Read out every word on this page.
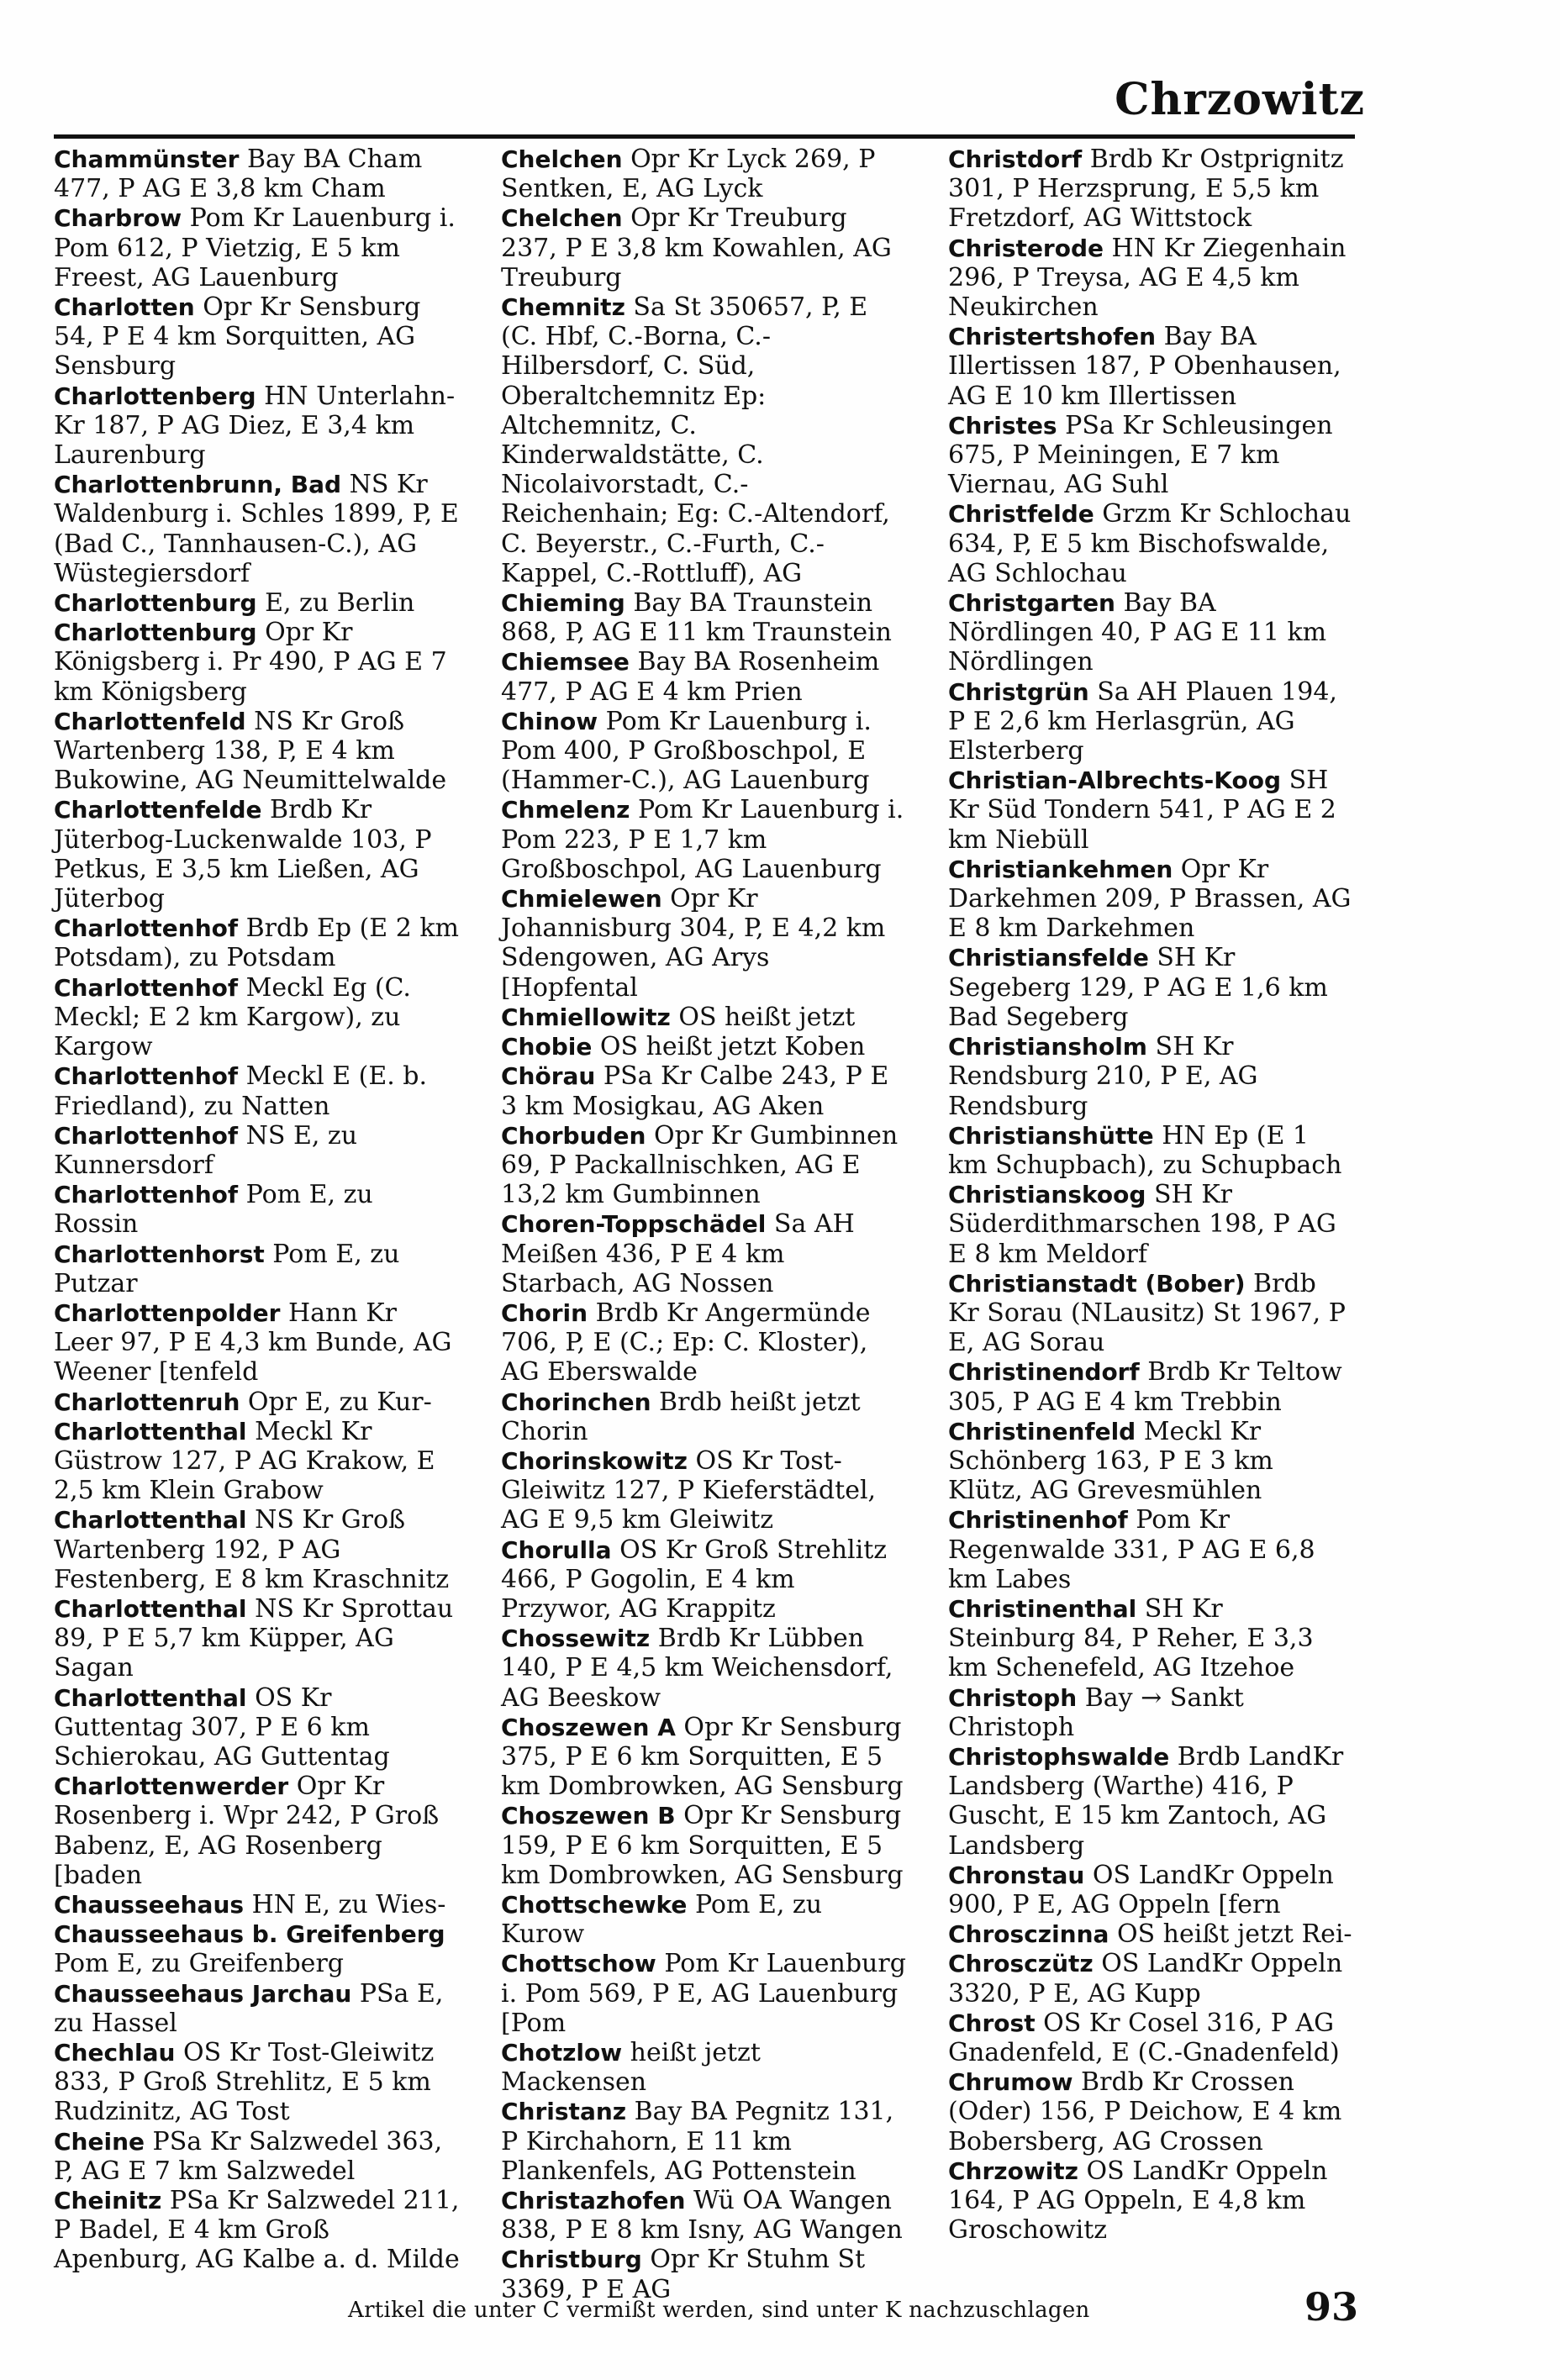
Chrzowitz

Chammünster Bay BA Cham 477, P AG E 3,8 km Cham

Charbrow Pom Kr Lauenburg i. Pom 612, P Vietzig, E 5 km Freest, AG Lauenburg

Charlotten Opr Kr Sensburg 54, P E 4 km Sorquitten, AG Sensburg

Charlottenberg HN Unterlahn-Kr 187, P AG Diez, E 3,4 km Laurenburg

Charlottenbrunn, Bad NS Kr Waldenburg i. Schles 1899, P, E (Bad C., Tannhausen-C.), AG Wüstegiersdorf

Charlottenburg E, zu Berlin

Charlottenburg Opr Kr Königsberg i. Pr 490, P AG E 7 km Königsberg

Charlottenfeld NS Kr Groß Wartenberg 138, P, E 4 km Bukowine, AG Neumittelwalde

Charlottenfelde Brdb Kr Jüterbog-Luckenwalde 103, P Petkus, E 3,5 km Ließen, AG Jüterbog

Charlottenhof Brdb Ep (E 2 km Potsdam), zu Potsdam

Charlottenhof Meckl Eg (C. Meckl; E 2 km Kargow), zu Kargow

Charlottenhof Meckl E (E. b. Friedland), zu Natten

Charlottenhof NS E, zu Kunnersdorf

Charlottenhof Pom E, zu Rossin

Charlottenhorst Pom E, zu Putzar

Charlottenpolder Hann Kr Leer 97, P E 4,3 km Bunde, AG Weener [tenfeld

Charlottenruh Opr E, zu Kur-

Charlottenthal Meckl Kr Güstrow 127, P AG Krakow, E 2,5 km Klein Grabow

Charlottenthal NS Kr Groß Wartenberg 192, P AG Festenberg, E 8 km Kraschnitz

Charlottenthal NS Kr Sprottau 89, P E 5,7 km Küpper, AG Sagan

Charlottenthal OS Kr Guttentag 307, P E 6 km Schierokau, AG Guttentag

Charlottenwerder Opr Kr Rosenberg i. Wpr 242, P Groß Babenz, E, AG Rosenberg [baden

Chausseehaus HN E, zu Wies-

Chausseehaus b. Greifenberg Pom E, zu Greifenberg

Chausseehaus Jarchau PSa E, zu Hassel

Chechlau OS Kr Tost-Gleiwitz 833, P Groß Strehlitz, E 5 km Rudzinitz, AG Tost

Cheine PSa Kr Salzwedel 363, P, AG E 7 km Salzwedel

Cheinitz PSa Kr Salzwedel 211, P Badel, E 4 km Groß Apenburg, AG Kalbe a. d. Milde

Chelchen Opr Kr Lyck 269, P Sentken, E, AG Lyck

Chelchen Opr Kr Treuburg 237, P E 3,8 km Kowahlen, AG Treuburg

Chemnitz Sa St 350657, P, E (C. Hbf, C.-Borna, C.-Hilbersdorf, C. Süd, Oberaltchemnitz Ep: Altchemnitz, C. Kinderwaldstätte, C. Nicolaivorstadt, C.-Reichenhain; Eg: C.-Altendorf, C. Beyerstr., C.-Furth, C.-Kappel, C.-Rottluff), AG

Chieming Bay BA Traunstein 868, P, AG E 11 km Traunstein

Chiemsee Bay BA Rosenheim 477, P AG E 4 km Prien

Chinow Pom Kr Lauenburg i. Pom 400, P Großboschpol, E (Hammer-C.), AG Lauenburg

Chmelenz Pom Kr Lauenburg i. Pom 223, P E 1,7 km Großboschpol, AG Lauenburg

Chmielewen Opr Kr Johannisburg 304, P, E 4,2 km Sdengowen, AG Arys [Hopfental

Chmiellowitz OS heißt jetzt

Chobie OS heißt jetzt Koben

Chörau PSa Kr Calbe 243, P E 3 km Mosigkau, AG Aken

Chorbuden Opr Kr Gumbinnen 69, P Packallnischken, AG E 13,2 km Gumbinnen

Choren-Toppschädel Sa AH Meißen 436, P E 4 km Starbach, AG Nossen

Chorin Brdb Kr Angermünde 706, P, E (C.; Ep: C. Kloster), AG Eberswalde

Chorinchen Brdb heißt jetzt Chorin

Chorinskowitz OS Kr Tost-Gleiwitz 127, P Kieferstädtel, AG E 9,5 km Gleiwitz

Chorulla OS Kr Groß Strehlitz 466, P Gogolin, E 4 km Przywor, AG Krappitz

Chossewitz Brdb Kr Lübben 140, P E 4,5 km Weichensdorf, AG Beeskow

Choszewen A Opr Kr Sensburg 375, P E 6 km Sorquitten, E 5 km Dombrowken, AG Sensburg

Choszewen B Opr Kr Sensburg 159, P E 6 km Sorquitten, E 5 km Dombrowken, AG Sensburg

Chottschewke Pom E, zu Kurow

Chottschow Pom Kr Lauenburg i. Pom 569, P E, AG Lauenburg [Pom

Chotzlow heißt jetzt Mackensen

Christanz Bay BA Pegnitz 131, P Kirchahorn, E 11 km Plankenfels, AG Pottenstein

Christazhofen Wü OA Wangen 838, P E 8 km Isny, AG Wangen

Christburg Opr Kr Stuhm St 3369, P E AG

Christdorf Brdb Kr Ostprignitz 301, P Herzsprung, E 5,5 km Fretzdorf, AG Wittstock

Christerode HN Kr Ziegenhain 296, P Treysa, AG E 4,5 km Neukirchen

Christertshofen Bay BA Illertissen 187, P Obenhausen, AG E 10 km Illertissen

Christes PSa Kr Schleusingen 675, P Meiningen, E 7 km Viernau, AG Suhl

Christfelde Grzm Kr Schlochau 634, P, E 5 km Bischofswalde, AG Schlochau

Christgarten Bay BA Nördlingen 40, P AG E 11 km Nördlingen

Christgrün Sa AH Plauen 194, P E 2,6 km Herlasgrün, AG Elsterberg

Christian-Albrechts-Koog SH Kr Süd Tondern 541, P AG E 2 km Niebüll

Christiankehmen Opr Kr Darkehmen 209, P Brassen, AG E 8 km Darkehmen

Christiansfelde SH Kr Segeberg 129, P AG E 1,6 km Bad Segeberg

Christiansholm SH Kr Rendsburg 210, P E, AG Rendsburg

Christianshütte HN Ep (E 1 km Schupbach), zu Schupbach

Christianskoog SH Kr Süderdithmarschen 198, P AG E 8 km Meldorf

Christianstadt (Bober) Brdb Kr Sorau (NLausitz) St 1967, P E, AG Sorau

Christinendorf Brdb Kr Teltow 305, P AG E 4 km Trebbin

Christinenfeld Meckl Kr Schönberg 163, P E 3 km Klütz, AG Grevesmühlen

Christinenhof Pom Kr Regenwalde 331, P AG E 6,8 km Labes

Christinenthal SH Kr Steinburg 84, P Reher, E 3,3 km Schenefeld, AG Itzehoe

Christoph Bay → Sankt Christoph

Christophswalde Brdb LandKr Landsberg (Warthe) 416, P Guscht, E 15 km Zantoch, AG Landsberg

Chronstau OS LandKr Oppeln 900, P E, AG Oppeln [fern

Chrosczinna OS heißt jetzt Rei-

Chrosczütz OS LandKr Oppeln 3320, P E, AG Kupp

Chrost OS Kr Cosel 316, P AG Gnadenfeld, E (C.-Gnadenfeld)

Chrumow Brdb Kr Crossen (Oder) 156, P Deichow, E 4 km Bobersberg, AG Crossen

Chrzowitz OS LandKr Oppeln 164, P AG Oppeln, E 4,8 km Groschowitz

Artikel die unter C vermißt werden, sind unter K nachzuschlagen	93
